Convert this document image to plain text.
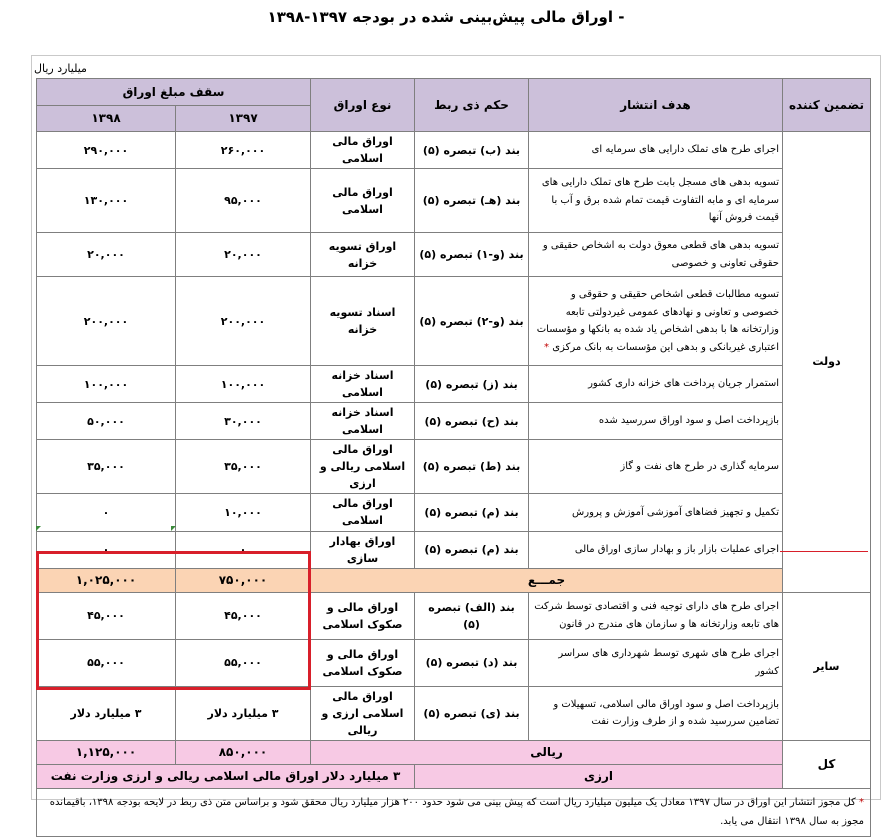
- اوراق مالی پیش‌بینی شده در بودجه ۱۳۹۷-۱۳۹۸
میلیارد ریال
تضمین کننده	هدف انتشار	حکم ذی ربط	نوع اوراق	سقف مبلغ اوراق	
				۱۳۹۷	۱۳۹۸
دولت	اجرای طرح های تملک دارایی های سرمایه ای	بند (ب) تبصره (۵)	اوراق مالی اسلامی	۲۶۰,۰۰۰	۲۹۰,۰۰۰
	تسویه بدهی های مسجل بابت طرح های تملک دارایی های سرمایه ای و مابه التفاوت قیمت تمام شده برق و آب با قیمت فروش آنها	بند (هـ) تبصره (۵)	اوراق مالی اسلامی	۹۵,۰۰۰	۱۳۰,۰۰۰
	تسویه بدهی های قطعی معوق دولت به اشخاص حقیقی و حقوقی تعاونی و خصوصی	بند (و-۱) تبصره (۵)	اوراق تسویه خزانه	۲۰,۰۰۰	۲۰,۰۰۰
	تسویه مطالبات قطعی اشخاص حقیقی و حقوقی و خصوصی و تعاونی و نهادهای عمومی غیردولتی تابعه وزارتخانه ها با بدهی اشخاص یاد شده به بانکها و مؤسسات اعتباری غیربانکی و بدهی این مؤسسات به بانک مرکزی *	بند (و-۲) تبصره (۵)	اسناد تسویه خزانه	۲۰۰,۰۰۰	۲۰۰,۰۰۰
	استمرار جریان پرداخت های خزانه داری کشور	بند (ز) تبصره (۵)	اسناد خزانه اسلامی	۱۰۰,۰۰۰	۱۰۰,۰۰۰
	بازپرداخت اصل و سود اوراق سررسید شده	بند (ح) تبصره (۵)	اسناد خزانه اسلامی	۳۰,۰۰۰	۵۰,۰۰۰
	سرمایه گذاری در طرح های نفت و گاز	بند (ط) تبصره (۵)	اوراق مالی اسلامی ریالی و ارزی	۳۵,۰۰۰	۳۵,۰۰۰
	تکمیل و تجهیز فضاهای آموزشی آموزش و پرورش	بند (م) تبصره (۵)	اوراق مالی اسلامی	۱۰,۰۰۰	۰
	اجرای عملیات بازار باز و بهادار سازی اوراق مالی	بند (م) تبصره (۵)	اوراق بهادار سازی	۰	۰
	جمـــع			۷۵۰,۰۰۰	۱,۰۲۵,۰۰۰
سایر	اجرای طرح های دارای توجیه فنی و اقتصادی توسط شرکت های تابعه وزارتخانه ها و سازمان های مندرج در قانون	بند (الف) تبصره (۵)	اوراق مالی و صکوک اسلامی	۴۵,۰۰۰	۴۵,۰۰۰
	اجرای طرح های شهری توسط شهرداری های سراسر کشور	بند (د) تبصره (۵)	اوراق مالی و صکوک اسلامی	۵۵,۰۰۰	۵۵,۰۰۰
	بازپرداخت اصل و سود اوراق مالی اسلامی، تسهیلات و تضامین سررسید شده و از طرف وزارت نفت	بند (ی) تبصره (۵)	اوراق مالی اسلامی ارزی و ریالی	۳ میلیارد دلار	۳ میلیارد دلار
کل	ریالی			۸۵۰,۰۰۰	۱,۱۲۵,۰۰۰
	ارزی		۳ میلیارد دلار اوراق مالی اسلامی ریالی و ارزی وزارت نفت		
* کل مجوز انتشار این اوراق در سال ۱۳۹۷ معادل یک میلیون میلیارد ریال است که پیش بینی می شود حدود ۲۰۰ هزار میلیارد ریال محقق شود و براساس متن ذی ربط در لایحه بودجه ۱۳۹۸، باقیمانده مجوز به سال ۱۳۹۸ انتقال می یابد.					
